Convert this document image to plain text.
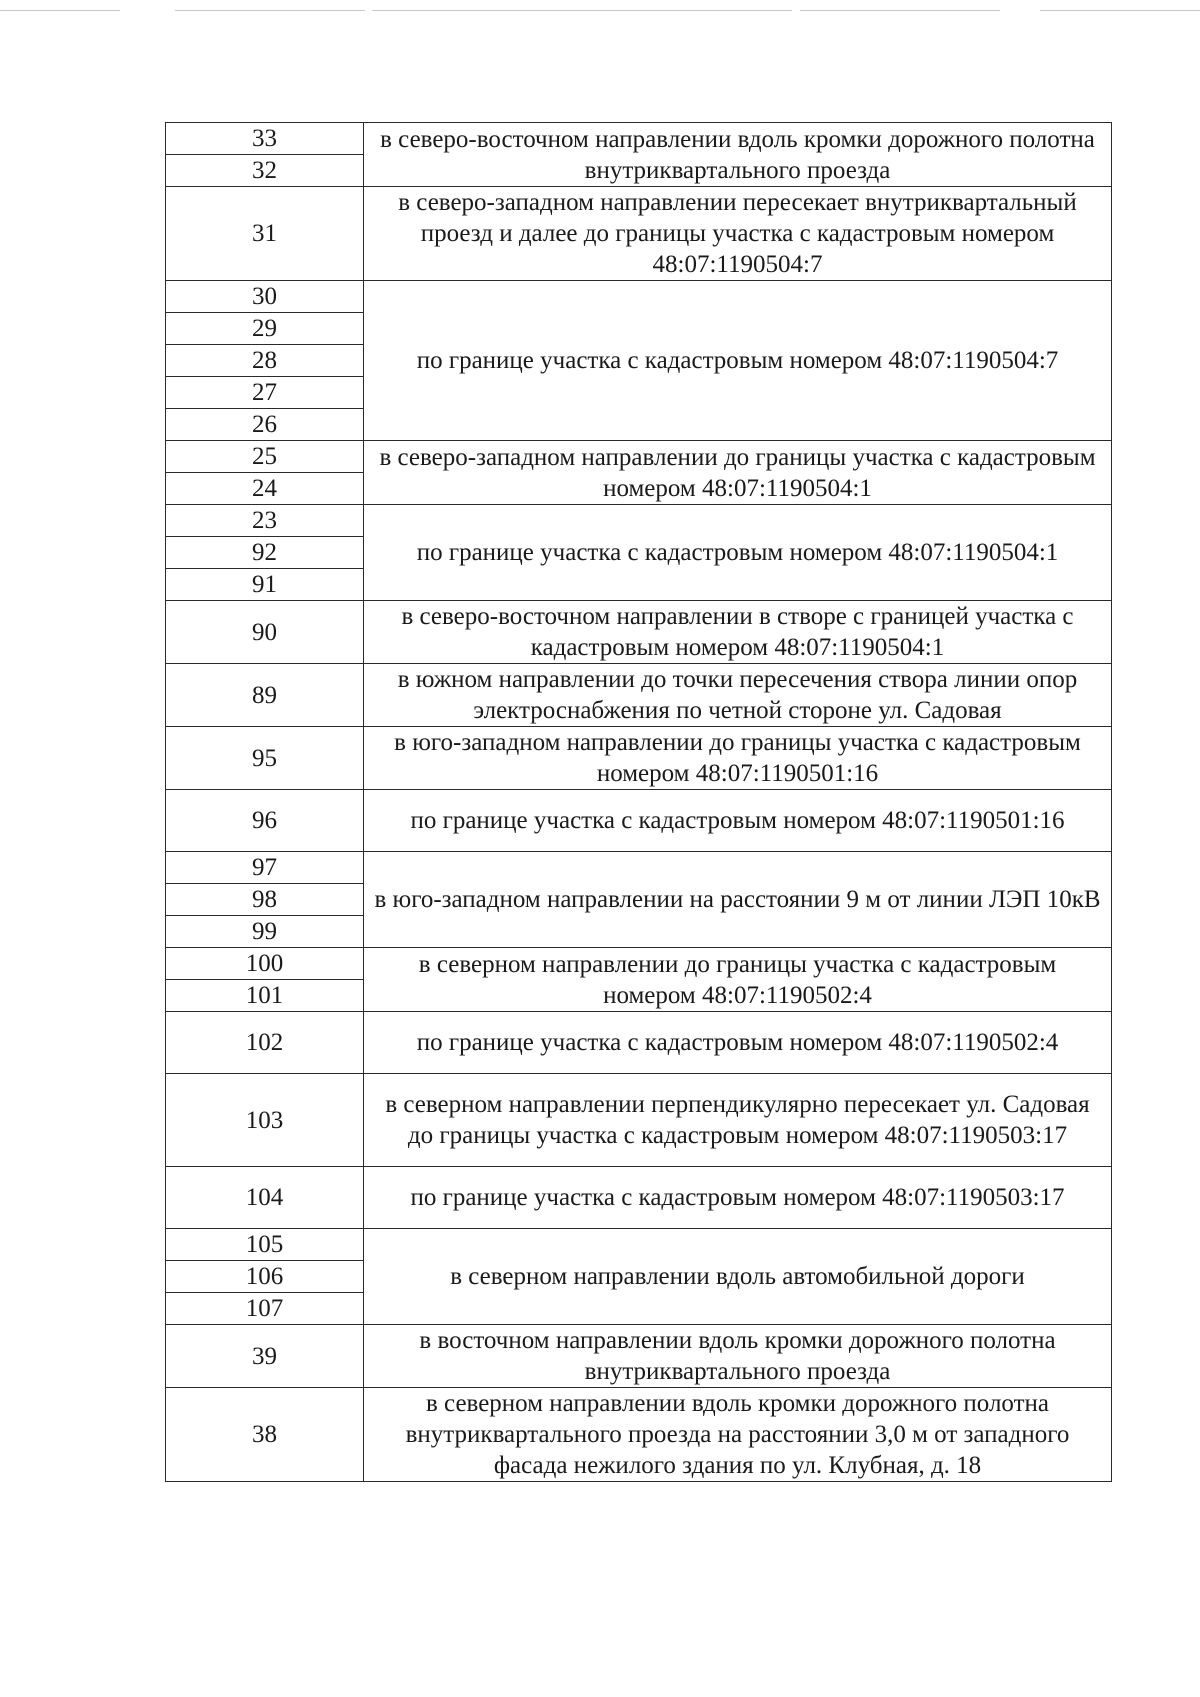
33	в северо-восточном направлении вдоль кромки дорожного полотна внутриквартального проезда
32	
31	в северо-западном направлении пересекает внутриквартальный проезд и далее до границы участка с кадастровым номером 48:07:1190504:7
30	по границе участка с кадастровым номером 48:07:1190504:7
29	
28	
27	
26	
25	в северо-западном направлении до границы участка с кадастровым номером 48:07:1190504:1
24	
23	по границе участка с кадастровым номером 48:07:1190504:1
92	
91	
90	в северо-восточном направлении в створе с границей участка с кадастровым номером 48:07:1190504:1
89	в южном направлении до точки пересечения створа линии опор электроснабжения по четной стороне ул. Садовая
95	в юго-западном направлении до границы участка с кадастровым номером 48:07:1190501:16
96	по границе участка с кадастровым номером 48:07:1190501:16
97	в юго-западном направлении на расстоянии 9 м от линии ЛЭП 10кВ
98	
99	
100	в северном направлении до границы участка с кадастровым номером 48:07:1190502:4
101	
102	по границе участка с кадастровым номером 48:07:1190502:4
103	в северном направлении перпендикулярно пересекает ул. Садовая до границы участка с кадастровым номером 48:07:1190503:17
104	по границе участка с кадастровым номером 48:07:1190503:17
105	в северном направлении вдоль автомобильной дороги
106	
107	
39	в восточном направлении вдоль кромки дорожного полотна внутриквартального проезда
38	в северном направлении вдоль кромки дорожного полотна внутриквартального проезда на расстоянии 3,0 м от западного фасада нежилого здания по ул. Клубная, д. 18
